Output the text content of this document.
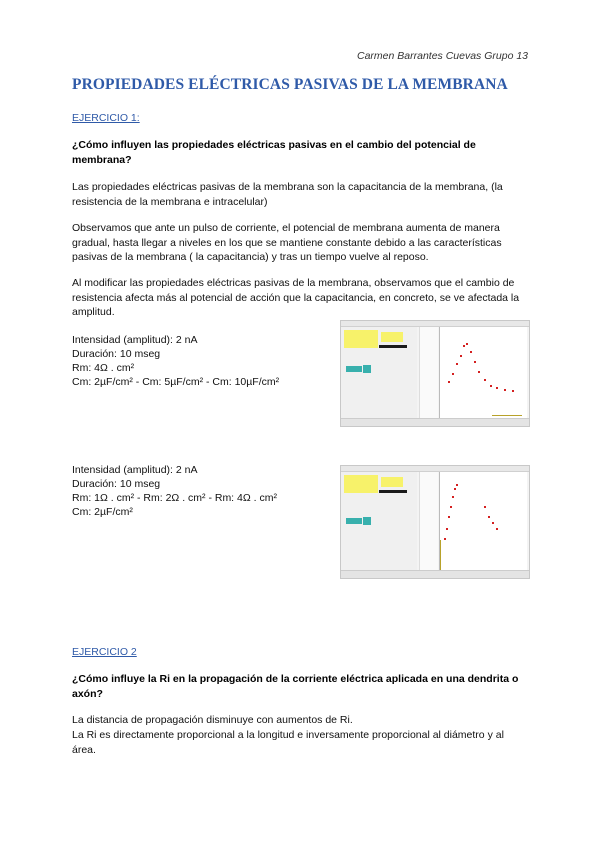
Carmen Barrantes Cuevas Grupo 13
PROPIEDADES ELÉCTRICAS PASIVAS DE LA MEMBRANA
EJERCICIO 1:
¿Cómo influyen las propiedades eléctricas pasivas en el cambio del potencial de membrana?
Las propiedades eléctricas pasivas de la membrana son la capacitancia de la membrana, (la resistencia de la membrana e intracelular)
Observamos que ante un pulso de corriente, el potencial de membrana aumenta de manera gradual, hasta llegar a niveles en los que se mantiene constante debido a las características pasivas de la membrana ( la capacitancia) y tras un tiempo vuelve al reposo.
Al modificar las propiedades eléctricas pasivas de la membrana, observamos que el cambio de resistencia afecta más al potencial de acción que la capacitancia, en concreto, se ve afectada la amplitud.
Intensidad (amplitud): 2 nA
Duración: 10 mseg
Rm: 4Ω . cm²
Cm: 2µF/cm² - Cm: 5µF/cm² - Cm: 10µF/cm²
Intensidad (amplitud): 2 nA
Duración: 10 mseg
Rm: 1Ω . cm² - Rm: 2Ω . cm² - Rm: 4Ω . cm²
Cm: 2µF/cm²
EJERCICIO 2
¿Cómo influye la Ri en la propagación de la corriente eléctrica aplicada en una dendrita o axón?
La distancia de propagación disminuye con aumentos de Ri.
La Ri es directamente proporcional a la longitud e inversamente proporcional al diámetro y al área.
